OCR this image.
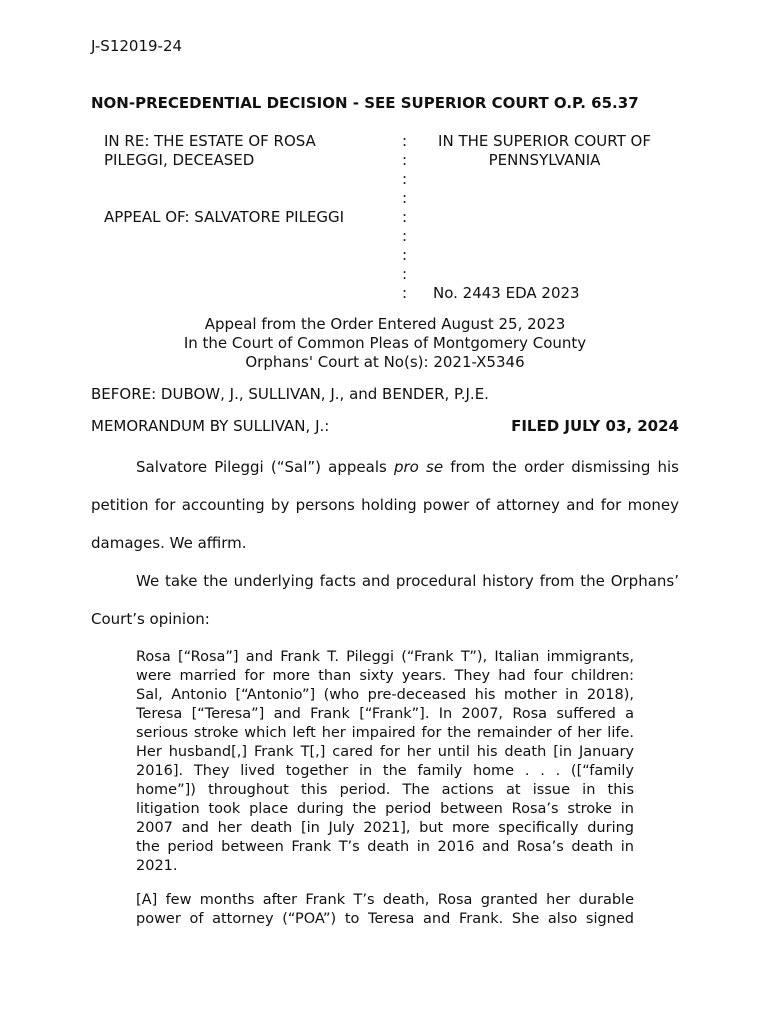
J-S12019-24
NON-PRECEDENTIAL DECISION - SEE SUPERIOR COURT O.P. 65.37
IN RE: THE ESTATE OF ROSA
PILEGGI, DECEASED
APPEAL OF: SALVATORE PILEGGI
:
:
:
:
:
:
:
:
:
IN THE SUPERIOR COURT OF
PENNSYLVANIA
No. 2443 EDA 2023
Appeal from the Order Entered August 25, 2023
In the Court of Common Pleas of Montgomery County
Orphans' Court at No(s): 2021-X5346
BEFORE: DUBOW, J., SULLIVAN, J., and BENDER, P.J.E.
MEMORANDUM BY SULLIVAN, J.:	FILED JULY 03, 2024
Salvatore Pileggi (“Sal”) appeals pro se from the order dismissing his
petition for accounting by persons holding power of attorney and for money
damages. We affirm.
We take the underlying facts and procedural history from the Orphans’
Court’s opinion:
Rosa [“Rosa”] and Frank T. Pileggi (“Frank T”), Italian immigrants,
were married for more than sixty years. They had four children:
Sal, Antonio [“Antonio”] (who pre-deceased his mother in 2018),
Teresa [“Teresa”] and Frank [“Frank”]. In 2007, Rosa suffered a
serious stroke which left her impaired for the remainder of her life.
Her husband[,] Frank T[,] cared for her until his death [in January
2016]. They lived together in the family home . . . ([“family
home”]) throughout this period. The actions at issue in this
litigation took place during the period between Rosa’s stroke in
2007 and her death [in July 2021], but more specifically during
the period between Frank T’s death in 2016 and Rosa’s death in
2021.
[A] few months after Frank T’s death, Rosa granted her durable
power of attorney (“POA”) to Teresa and Frank. She also signed
